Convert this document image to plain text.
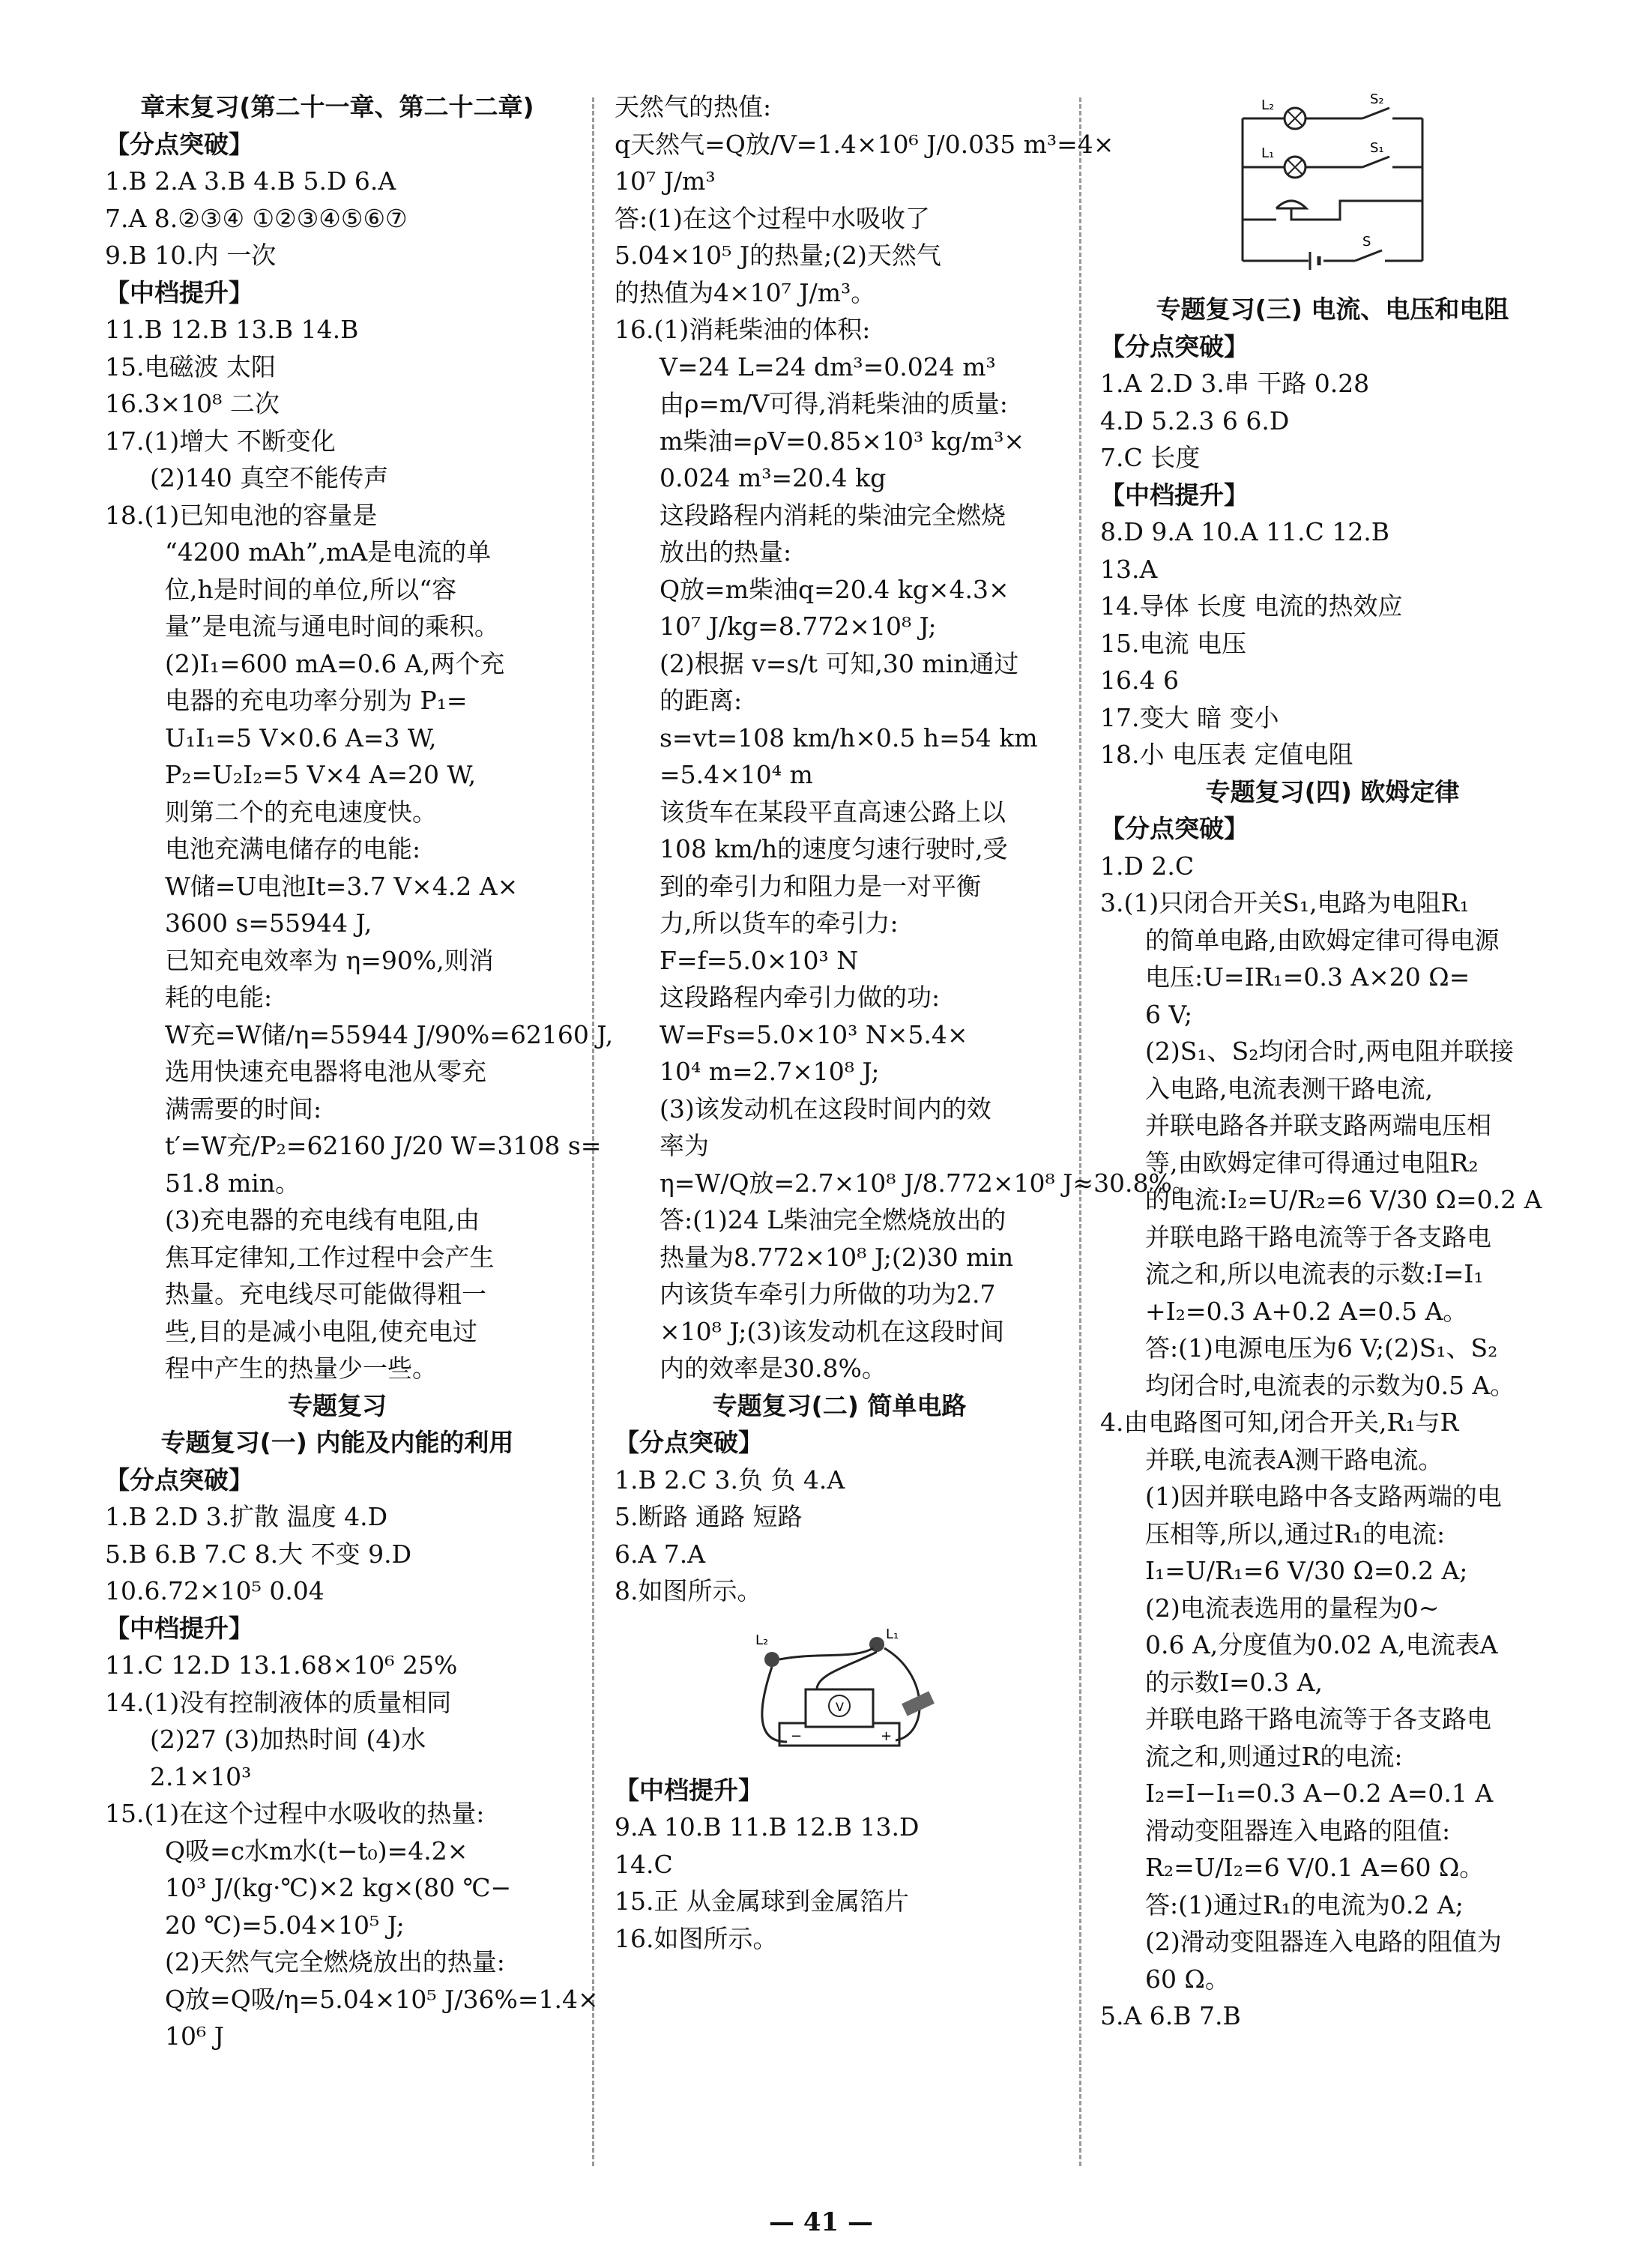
章末复习(第二十一章、第二十二章)
【分点突破】
1.B 2.A 3.B 4.B 5.D 6.A
7.A 8.②③④ ①②③④⑤⑥⑦
9.B 10.内 一次
【中档提升】
11.B 12.B 13.B 14.B
15.电磁波 太阳
16.3×10⁸ 二次
17.(1)增大 不断变化
(2)140 真空不能传声
18.(1)已知电池的容量是
“4200 mAh”,mA是电流的单
位,h是时间的单位,所以“容
量”是电流与通电时间的乘积。
(2)I₁=600 mA=0.6 A,两个充
电器的充电功率分别为 P₁=
U₁I₁=5 V×0.6 A=3 W,
P₂=U₂I₂=5 V×4 A=20 W,
则第二个的充电速度快。
电池充满电储存的电能:
W储=U电池It=3.7 V×4.2 A×
3600 s=55944 J,
已知充电效率为 η=90%,则消
耗的电能:
W充=W储/η=55944 J/90%=62160 J,
选用快速充电器将电池从零充
满需要的时间:
t′=W充/P₂=62160 J/20 W=3108 s=
51.8 min。
(3)充电器的充电线有电阻,由
焦耳定律知,工作过程中会产生
热量。充电线尽可能做得粗一
些,目的是减小电阻,使充电过
程中产生的热量少一些。
专题复习
专题复习(一) 内能及内能的利用
【分点突破】
1.B 2.D 3.扩散 温度 4.D
5.B 6.B 7.C 8.大 不变 9.D
10.6.72×10⁵ 0.04
【中档提升】
11.C 12.D 13.1.68×10⁶ 25%
14.(1)没有控制液体的质量相同
(2)27 (3)加热时间 (4)水
2.1×10³
15.(1)在这个过程中水吸收的热量:
Q吸=c水m水(t−t₀)=4.2×
10³ J/(kg·℃)×2 kg×(80 ℃−
20 ℃)=5.04×10⁵ J;
(2)天然气完全燃烧放出的热量:
Q放=Q吸/η=5.04×10⁵ J/36%=1.4×
10⁶ J
天然气的热值:
q天然气=Q放/V=1.4×10⁶ J/0.035 m³=4×
10⁷ J/m³
答:(1)在这个过程中水吸收了
5.04×10⁵ J的热量;(2)天然气
的热值为4×10⁷ J/m³。
16.(1)消耗柴油的体积:
V=24 L=24 dm³=0.024 m³
由ρ=m/V可得,消耗柴油的质量:
m柴油=ρV=0.85×10³ kg/m³×
0.024 m³=20.4 kg
这段路程内消耗的柴油完全燃烧
放出的热量:
Q放=m柴油q=20.4 kg×4.3×
10⁷ J/kg=8.772×10⁸ J;
(2)根据 v=s/t 可知,30 min通过
的距离:
s=vt=108 km/h×0.5 h=54 km
=5.4×10⁴ m
该货车在某段平直高速公路上以
108 km/h的速度匀速行驶时,受
到的牵引力和阻力是一对平衡
力,所以货车的牵引力:
F=f=5.0×10³ N
这段路程内牵引力做的功:
W=Fs=5.0×10³ N×5.4×
10⁴ m=2.7×10⁸ J;
(3)该发动机在这段时间内的效
率为
η=W/Q放=2.7×10⁸ J/8.772×10⁸ J≈30.8%。
答:(1)24 L柴油完全燃烧放出的
热量为8.772×10⁸ J;(2)30 min
内该货车牵引力所做的功为2.7
×10⁸ J;(3)该发动机在这段时间
内的效率是30.8%。
专题复习(二) 简单电路
【分点突破】
1.B 2.C 3.负 负 4.A
5.断路 通路 短路
6.A 7.A
8.如图所示。
V
L₂	L₁
−	+
【中档提升】
9.A 10.B 11.B 12.B 13.D
14.C
15.正 从金属球到金属箔片
16.如图所示。
L₂
L₁
S₂
S₁
S
专题复习(三) 电流、电压和电阻
【分点突破】
1.A 2.D 3.串 干路 0.28
4.D 5.2.3 6 6.D
7.C 长度
【中档提升】
8.D 9.A 10.A 11.C 12.B
13.A
14.导体 长度 电流的热效应
15.电流 电压
16.4 6
17.变大 暗 变小
18.小 电压表 定值电阻
专题复习(四) 欧姆定律
【分点突破】
1.D 2.C
3.(1)只闭合开关S₁,电路为电阻R₁
的简单电路,由欧姆定律可得电源
电压:U=IR₁=0.3 A×20 Ω=
6 V;
(2)S₁、S₂均闭合时,两电阻并联接
入电路,电流表测干路电流,
并联电路各并联支路两端电压相
等,由欧姆定律可得通过电阻R₂
的电流:I₂=U/R₂=6 V/30 Ω=0.2 A
并联电路干路电流等于各支路电
流之和,所以电流表的示数:I=I₁
+I₂=0.3 A+0.2 A=0.5 A。
答:(1)电源电压为6 V;(2)S₁、S₂
均闭合时,电流表的示数为0.5 A。
4.由电路图可知,闭合开关,R₁与R
并联,电流表A测干路电流。
(1)因并联电路中各支路两端的电
压相等,所以,通过R₁的电流:
I₁=U/R₁=6 V/30 Ω=0.2 A;
(2)电流表选用的量程为0~
0.6 A,分度值为0.02 A,电流表A
的示数I=0.3 A,
并联电路干路电流等于各支路电
流之和,则通过R的电流:
I₂=I−I₁=0.3 A−0.2 A=0.1 A
滑动变阻器连入电路的阻值:
R₂=U/I₂=6 V/0.1 A=60 Ω。
答:(1)通过R₁的电流为0.2 A;
(2)滑动变阻器连入电路的阻值为
60 Ω。
5.A 6.B 7.B
— 41 —
